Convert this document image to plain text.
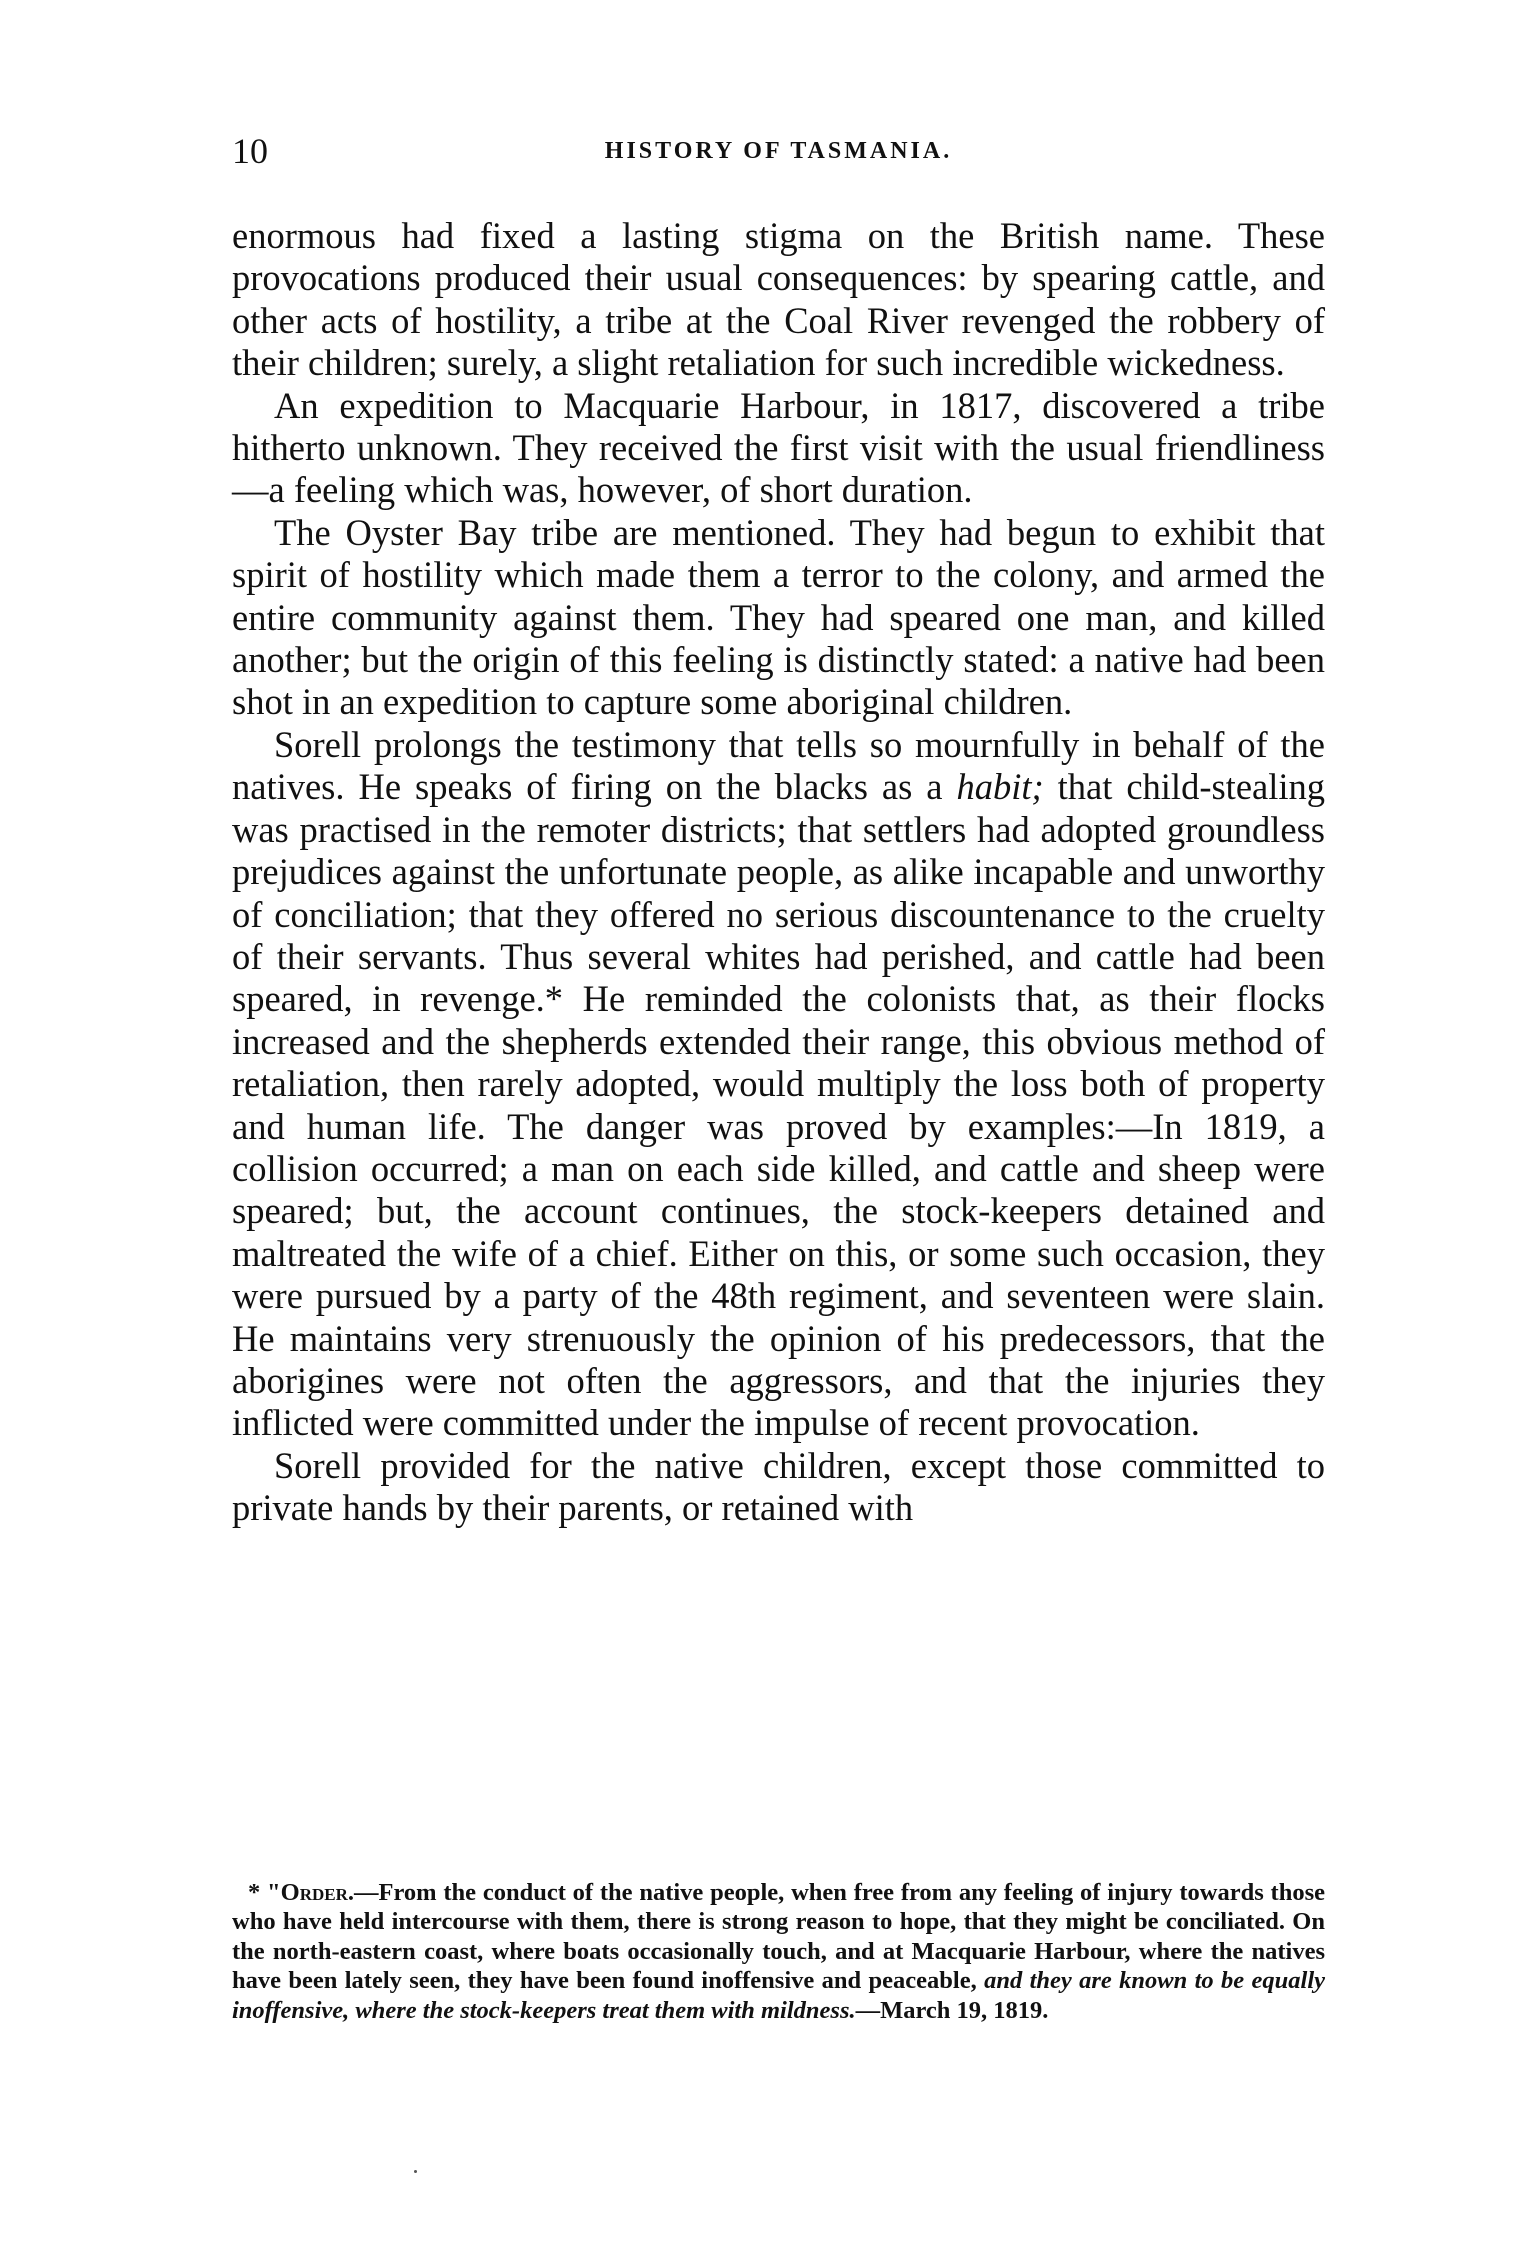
10	HISTORY OF TASMANIA.

enormous had fixed a lasting stigma on the British name. These provocations produced their usual consequences: by spearing cattle, and other acts of hostility, a tribe at the Coal River revenged the robbery of their children; surely, a slight retaliation for such incredible wickedness.

An expedition to Macquarie Harbour, in 1817, discovered a tribe hitherto unknown. They received the first visit with the usual friendliness—a feeling which was, however, of short duration.

The Oyster Bay tribe are mentioned. They had begun to exhibit that spirit of hostility which made them a terror to the colony, and armed the entire community against them. They had speared one man, and killed another; but the origin of this feeling is distinctly stated: a native had been shot in an expedition to capture some aboriginal children.

Sorell prolongs the testimony that tells so mournfully in behalf of the natives. He speaks of firing on the blacks as a habit; that child-stealing was practised in the remoter districts; that settlers had adopted groundless prejudices against the unfortunate people, as alike incapable and unworthy of conciliation; that they offered no serious discountenance to the cruelty of their servants. Thus several whites had perished, and cattle had been speared, in revenge.* He reminded the colonists that, as their flocks increased and the shepherds extended their range, this obvious method of retaliation, then rarely adopted, would multiply the loss both of property and human life. The danger was proved by examples:—In 1819, a collision occurred; a man on each side killed, and cattle and sheep were speared; but, the account continues, the stock-keepers detained and maltreated the wife of a chief. Either on this, or some such occasion, they were pursued by a party of the 48th regiment, and seventeen were slain. He maintains very strenuously the opinion of his predecessors, that the aborigines were not often the aggressors, and that the injuries they inflicted were committed under the impulse of recent provocation.

Sorell provided for the native children, except those committed to private hands by their parents, or retained with

* "Order.—From the conduct of the native people, when free from any feeling of injury towards those who have held intercourse with them, there is strong reason to hope, that they might be conciliated. On the north-eastern coast, where boats occasionally touch, and at Macquarie Harbour, where the natives have been lately seen, they have been found inoffensive and peaceable, and they are known to be equally inoffensive, where the stock-keepers treat them with mildness.—March 19, 1819.
